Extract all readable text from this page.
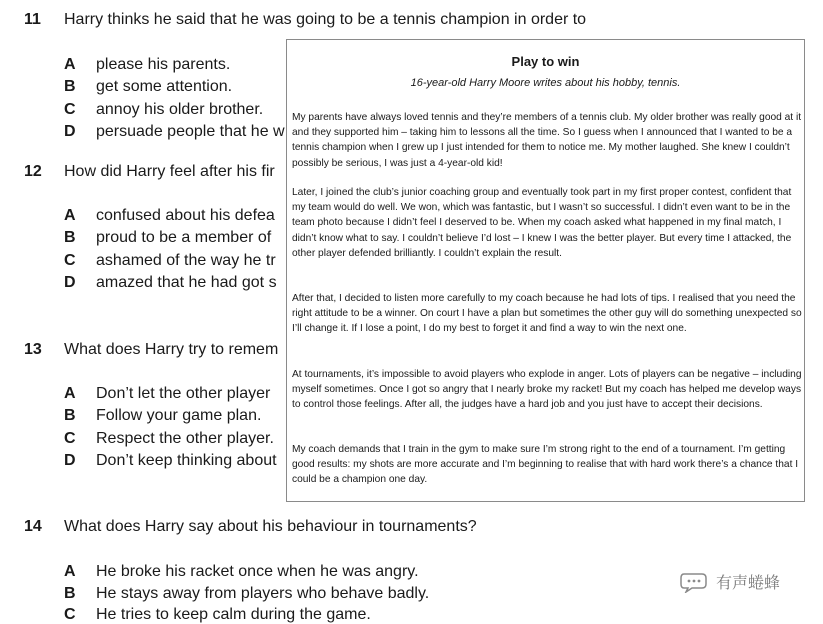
11 Harry thinks he said that he was going to be a tennis champion in order to
A please his parents.
B get some attention.
C annoy his older brother.
D persuade people that he w
12 How did Harry feel after his fir
A confused about his defea
B proud to be a member of
C ashamed of the way he tr
D amazed that he had got s
13 What does Harry try to remem
A Don’t let the other player
B Follow your game plan.
C Respect the other player.
D Don’t keep thinking about
14 What does Harry say about his behaviour in tournaments?
A He broke his racket once when he was angry.
B He stays away from players who behave badly.
C He tries to keep calm during the game.
Play to win
16-year-old Harry Moore writes about his hobby, tennis.
My parents have always loved tennis and they’re members of a tennis club. My older brother was really good at it and they supported him – taking him to lessons all the time. So I guess when I announced that I wanted to be a tennis champion when I grew up I just intended for them to notice me. My mother laughed. She knew I couldn’t possibly be serious, I was just a 4-year-old kid!
Later, I joined the club’s junior coaching group and eventually took part in my first proper contest, confident that my team would do well. We won, which was fantastic, but I wasn’t so successful. I didn’t even want to be in the team photo because I didn’t feel I deserved to be. When my coach asked what happened in my final match, I didn’t know what to say. I couldn’t believe I’d lost – I knew I was the better player. But every time I attacked, the other player defended brilliantly. I couldn’t explain the result.
After that, I decided to listen more carefully to my coach because he had lots of tips. I realised that you need the right attitude to be a winner. On court I have a plan but sometimes the other guy will do something unexpected so I’ll change it. If I lose a point, I do my best to forget it and find a way to win the next one.
At tournaments, it’s impossible to avoid players who explode in anger. Lots of players can be negative – including myself sometimes. Once I got so angry that I nearly broke my racket! But my coach has helped me develop ways to control those feelings. After all, the judges have a hard job and you just have to accept their decisions.
My coach demands that I train in the gym to make sure I’m strong right to the end of a tournament. I’m getting good results: my shots are more accurate and I’m beginning to realise that with hard work there’s a chance that I could be a champion one day.
有声蜷蜂
